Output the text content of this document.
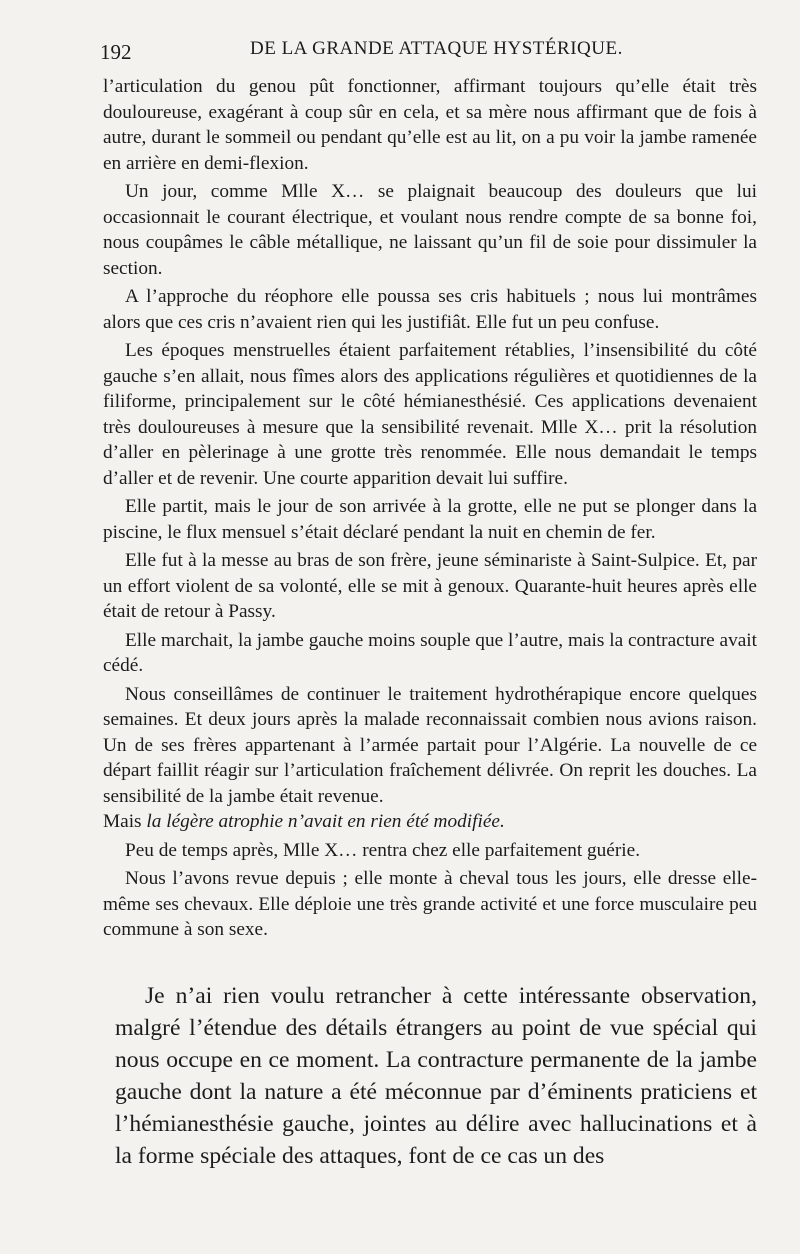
192	DE LA GRANDE ATTAQUE HYSTÉRIQUE.

l’articulation du genou pût fonctionner, affirmant toujours qu’elle était très douloureuse, exagérant à coup sûr en cela, et sa mère nous affirmant que de fois à autre, durant le sommeil ou pendant qu’elle est au lit, on a pu voir la jambe ramenée en arrière en demi-flexion.

Un jour, comme Mlle X… se plaignait beaucoup des douleurs que lui occasionnait le courant électrique, et voulant nous rendre compte de sa bonne foi, nous coupâmes le câble métallique, ne laissant qu’un fil de soie pour dissimuler la section.

A l’approche du réophore elle poussa ses cris habituels ; nous lui montrâmes alors que ces cris n’avaient rien qui les justifiât. Elle fut un peu confuse.

Les époques menstruelles étaient parfaitement rétablies, l’insensibilité du côté gauche s’en allait, nous fîmes alors des applications régulières et quotidiennes de la filiforme, principalement sur le côté hémianesthésié. Ces applications devenaient très douloureuses à mesure que la sensibilité revenait. Mlle X… prit la résolution d’aller en pèlerinage à une grotte très renommée. Elle nous demandait le temps d’aller et de revenir. Une courte apparition devait lui suffire.

Elle partit, mais le jour de son arrivée à la grotte, elle ne put se plonger dans la piscine, le flux mensuel s’était déclaré pendant la nuit en chemin de fer.

Elle fut à la messe au bras de son frère, jeune séminariste à Saint-Sulpice. Et, par un effort violent de sa volonté, elle se mit à genoux. Quarante-huit heures après elle était de retour à Passy.

Elle marchait, la jambe gauche moins souple que l’autre, mais la contracture avait cédé.

Nous conseillâmes de continuer le traitement hydrothérapique encore quelques semaines. Et deux jours après la malade reconnaissait combien nous avions raison. Un de ses frères appartenant à l’armée partait pour l’Algérie. La nouvelle de ce départ faillit réagir sur l’articulation fraîchement délivrée. On reprit les douches. La sensibilité de la jambe était revenue.

Mais la légère atrophie n’avait en rien été modifiée.

Peu de temps après, Mlle X… rentra chez elle parfaitement guérie.

Nous l’avons revue depuis ; elle monte à cheval tous les jours, elle dresse elle-même ses chevaux. Elle déploie une très grande activité et une force musculaire peu commune à son sexe.

Je n’ai rien voulu retrancher à cette intéressante observation, malgré l’étendue des détails étrangers au point de vue spécial qui nous occupe en ce moment. La contracture permanente de la jambe gauche dont la nature a été méconnue par d’éminents praticiens et l’hémianesthésie gauche, jointes au délire avec hallucinations et à la forme spéciale des attaques, font de ce cas un des
